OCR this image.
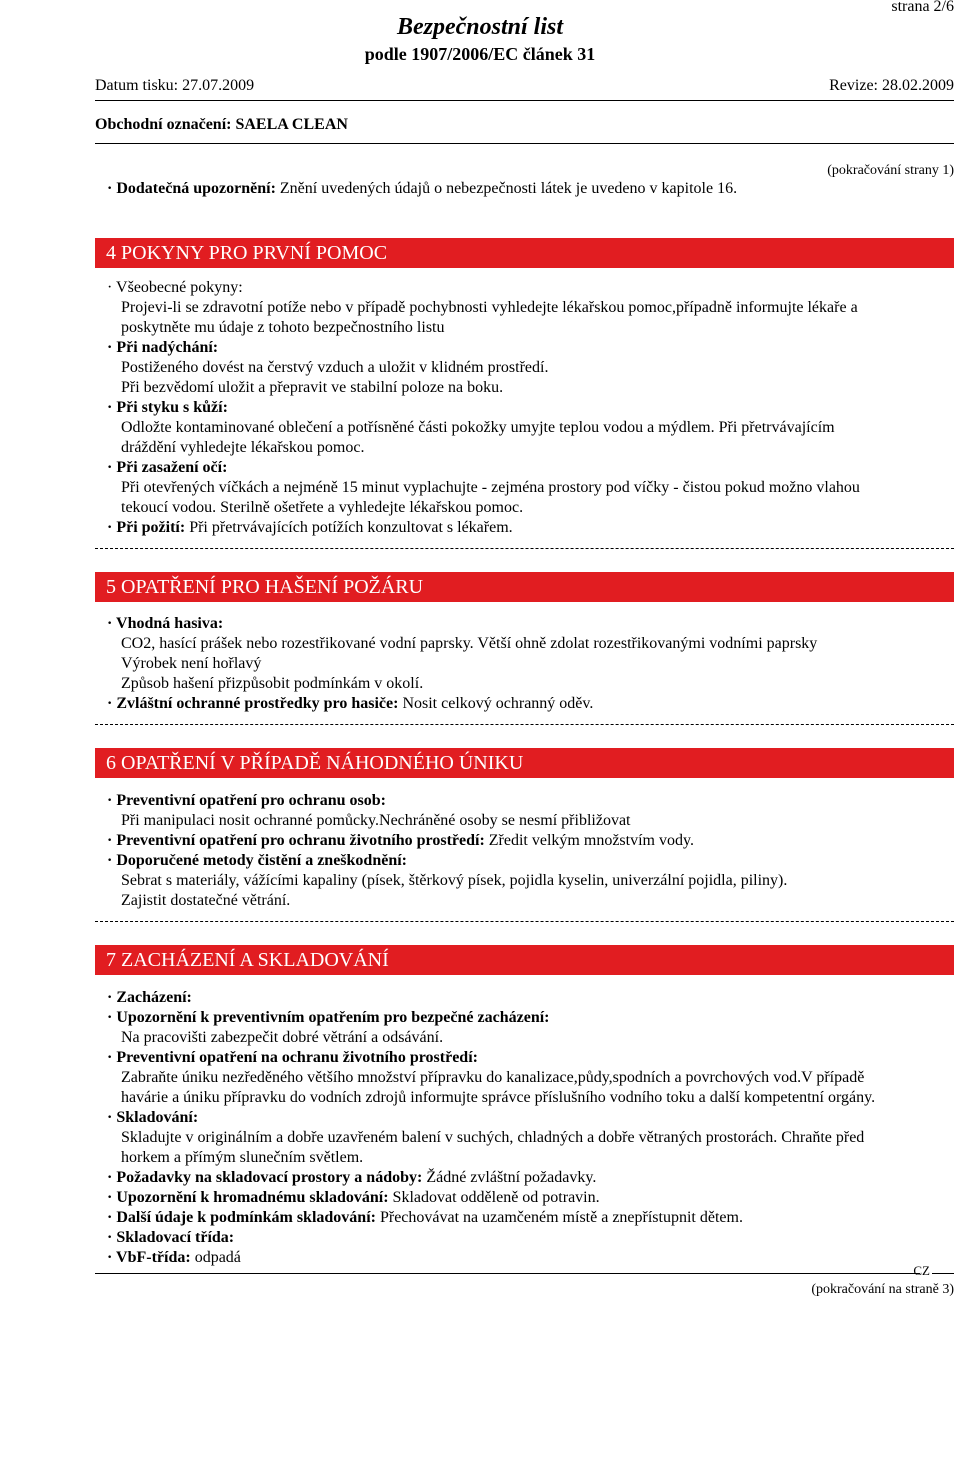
strana 2/6
Bezpečnostní list
podle 1907/2006/EC článek 31
Datum tisku: 27.07.2009	Revize: 28.02.2009
Obchodní označení: SAELA CLEAN
(pokračování strany 1)
· Dodatečná upozornění: Znění uvedených údajů o nebezpečnosti látek je uvedeno v kapitole 16.
4 POKYNY PRO PRVNÍ POMOC
· Všeobecné pokyny:
Projevi-li se zdravotní potíže nebo v případě pochybnosti vyhledejte lékařskou pomoc,případně informujte lékaře a
poskytněte mu údaje z tohoto bezpečnostního listu
· Při nadýchání:
Postiženého dovést na čerstvý vzduch a uložit v klidném prostředí.
Při bezvědomí uložit a přepravit ve stabilní poloze na boku.
· Při styku s kůží:
Odložte kontaminované oblečení a potřísněné části pokožky umyjte teplou vodou a mýdlem. Při přetrvávajícím
dráždění vyhledejte lékařskou pomoc.
· Při zasažení očí:
Při otevřených víčkách a nejméně 15 minut vyplachujte - zejména prostory pod víčky - čistou pokud možno vlahou
tekoucí vodou. Sterilně ošetřete a vyhledejte lékařskou pomoc.
· Při požití: Při přetrvávajících potížích konzultovat s lékařem.
5 OPATŘENÍ PRO HAŠENÍ POŽÁRU
· Vhodná hasiva:
CO2, hasící prášek nebo rozestřikované vodní paprsky. Větší ohně zdolat rozestřikovanými vodními paprsky
Výrobek není hořlavý
Způsob hašení přizpůsobit podmínkám v okolí.
· Zvláštní ochranné prostředky pro hasiče: Nosit celkový ochranný oděv.
6 OPATŘENÍ V PŘÍPADĚ NÁHODNÉHO ÚNIKU
· Preventivní opatření pro ochranu osob:
Při manipulaci nosit ochranné pomůcky.Nechráněné osoby se nesmí přibližovat
· Preventivní opatření pro ochranu životního prostředí: Zředit velkým množstvím vody.
· Doporučené metody čistění a zneškodnění:
Sebrat s materiály, vážícími kapaliny (písek, štěrkový písek, pojidla kyselin, univerzální pojidla, piliny).
Zajistit dostatečné větrání.
7 ZACHÁZENÍ A SKLADOVÁNÍ
· Zacházení:
· Upozornění k preventivním opatřením pro bezpečné zacházení:
Na pracovišti zabezpečit dobré větrání a odsávání.
· Preventivní opatření na ochranu životního prostředí:
Zabraňte úniku nezředěného většího množství přípravku do kanalizace,půdy,spodních a povrchových vod.V případě
havárie a úniku přípravku do vodních zdrojů informujte správce příslušního vodního toku a další kompetentní orgány.
· Skladování:
Skladujte v originálním a dobře uzavřeném balení v suchých, chladných a dobře větraných prostorách. Chraňte před
horkem a přímým slunečním světlem.
· Požadavky na skladovací prostory a nádoby: Žádné zvláštní požadavky.
· Upozornění k hromadnému skladování: Skladovat odděleně od potravin.
· Další údaje k podmínkám skladování: Přechovávat na uzamčeném místě a znepřístupnit dětem.
· Skladovací třída:
· VbF-třída: odpadá
CZ
(pokračování na straně 3)
